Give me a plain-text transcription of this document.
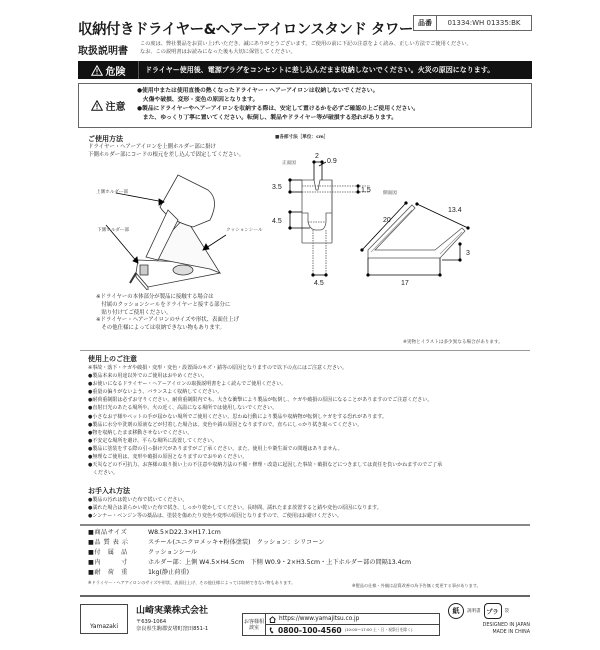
収納付きドライヤー&ヘアーアイロンスタンド タワー 品番	01334:WH 01335:BK
取扱説明書
この度は、弊社製品をお買い上げいただき、誠にありがとうございます。ご使用の前に下記の注意をよく読み、正しい方法でご使用ください。
なお、この説明書はお読みになった後も大切に保管してください。
危険	ドライヤー使用後、電源プラグをコンセントに差し込んだまま収納しないでください。火災の原因になります。
注意
●使用中または使用直後の熱くなったドライヤー・ヘアーアイロンは収納しないでください。
　火傷や破損、変形・変色の原因となります。
●製品にドライヤーやヘアーアイロンを収納する際は、安定して置けるかを必ずご確認の上ご使用ください。
　また、ゆっくり丁寧に置いてください。転倒し、製品やドライヤー等が破損する恐れがあります。
ご使用方法
ドライヤー・ヘアーアイロンを上側ホルダー部に掛け
下側ホルダー部にコードの根元を差し込んで固定してください。
上側ホルダー部
下側ホルダー部	クッションシール
※ドライヤーの本体部分が製品に接触する場合は
　付属のクッションシールをドライヤーと接する部分に
　貼り付けてご使用ください。
※ドライヤー・ヘアーアイロンのサイズや形状、表面仕上げ
　その他仕様によっては収納できない物もあります。
■各部寸法［単位：cm］
正面図
側面図
2
0.9
3.5	1.5
4.5
4.5
20
13.4
17
3
※実物とイラストは多少異なる場合があります。
使用上のご注意
※事故・落下・ケガや破損・変形・変色・設置面のキズ・錆等の原因となりますので以下の点にはご注意ください。
●製品本来の用途以外でのご使用はおやめください。
●お使いになるドライヤー・ヘアーアイロンの取扱説明書をよく読んでご使用ください。
●重量の偏りがないよう、バランスよく収納してください。
●耐荷重制限は必ずお守りください。耐荷重制限内でも、大きな衝撃により製品が転倒し、ケガや破損の原因になることがありますのでご注意ください。
●直射日光のあたる場所や、火の近く、高温になる場所では使用しないでください。
●小さなお子様やペットの手が届かない場所でご使用ください。思わぬ行動により製品や収納物が転倒しケガをする恐れがあります。
●製品に水分や洗剤の原液などが付着した場合は、変色や錆の原因となりますので、直ちにしっかり拭き取ってください。
●物を収納したまま移動させないでください。
●不安定な場所を避け、平らな場所に設置してください。
●製品に塗装をする際の引っ掛け穴がありますがご了承ください。また、使用上や衛生面での問題はありません。
●無理なご使用は、変形や破損の原因となりますのでおやめください。
●天災などの不可抗力、お客様の取り扱い上の不注意や収納方法の不備・修理・改造に起因した事故・破損などにつきましては責任を負いかねますのでご了承
　ください。
お手入れ方法
●製品の汚れは乾いた布で拭いてください。
●濡れた場合は柔らかい乾いた布で拭き、しっかり乾かしてください。長時間、濡れたまま放置すると錆や変色の原因になります。
●シンナー・ベンジン等の薬品は、塗装を傷めたり変色や変形の原因となりますので、ご使用はお避けください。
■商品サイズ	W8.5×D22.3×H17.1cm
■品 質 表 示	スチール(ユニクロメッキ+粉体塗装)　クッション：シリコーン
■付　属　品	クッションシール
■内　　　寸	ホルダー部：上側 W4.5×H4.5cm　下側 W0.9・2×H3.5cm・上下ホルダー部の間隔13.4cm
■耐　荷　重	1kg(静止荷重)
※ドライヤー・ヘアアイロンのサイズや形状、表面仕上げ、その他仕様によっては収納できない物もあります。
※製品の仕様・外観は品質改善の為予告無く変更する事があります。
Yamazaki
山崎実業株式会社
〒639-1064
奈良県生駒郡安堵町窪田851-1
お客様相談室
https://www.yamajitsu.co.jp
0800-100-4560 (10:00～17:00 土・日・祝祭日を除く)
紙	説明書 プラ	袋
DESIGNED IN JAPAN
MADE IN CHINA
